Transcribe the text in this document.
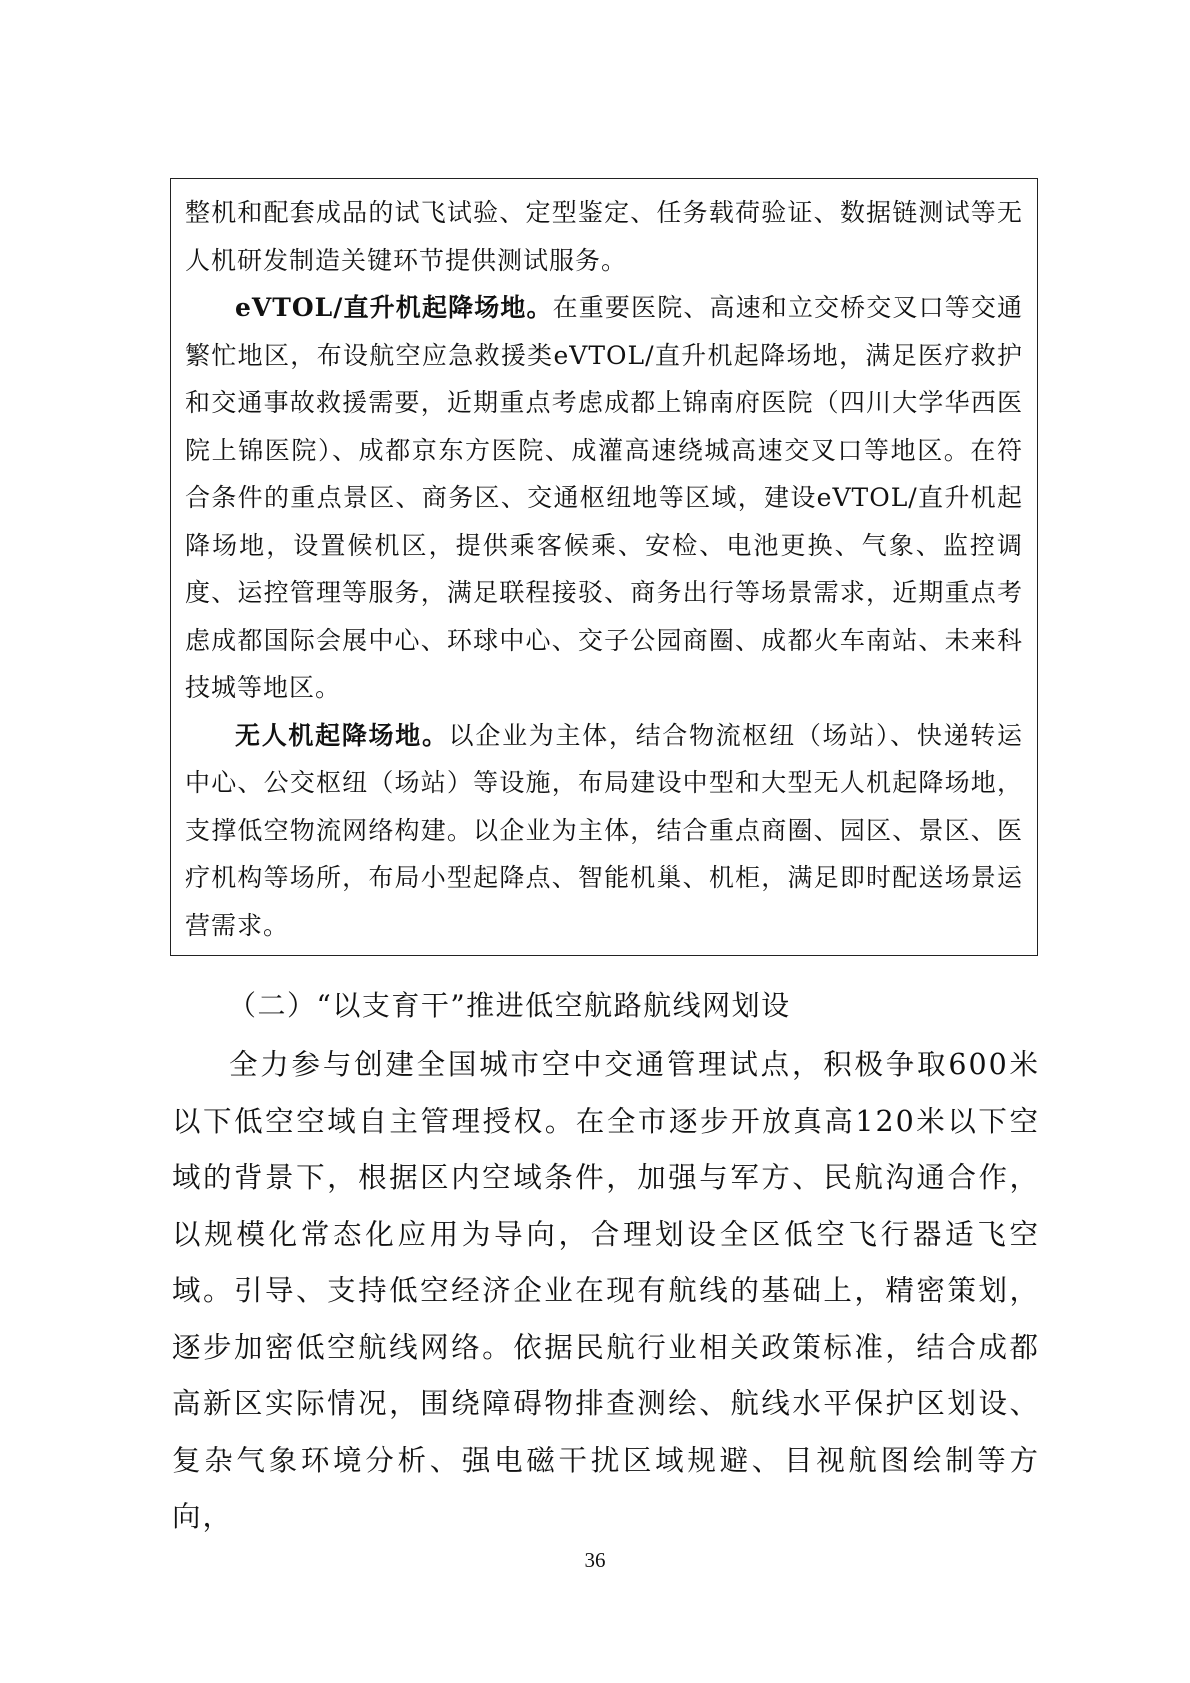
整机和配套成品的试飞试验、定型鉴定、任务载荷验证、数据链测试等无人机研发制造关键环节提供测试服务。

eVTOL/直升机起降场地。在重要医院、高速和立交桥交叉口等交通繁忙地区，布设航空应急救援类eVTOL/直升机起降场地，满足医疗救护和交通事故救援需要，近期重点考虑成都上锦南府医院（四川大学华西医院上锦医院）、成都京东方医院、成灌高速绕城高速交叉口等地区。在符合条件的重点景区、商务区、交通枢纽地等区域，建设eVTOL/直升机起降场地，设置候机区，提供乘客候乘、安检、电池更换、气象、监控调度、运控管理等服务，满足联程接驳、商务出行等场景需求，近期重点考虑成都国际会展中心、环球中心、交子公园商圈、成都火车南站、未来科技城等地区。

无人机起降场地。以企业为主体，结合物流枢纽（场站）、快递转运中心、公交枢纽（场站）等设施，布局建设中型和大型无人机起降场地，支撑低空物流网络构建。以企业为主体，结合重点商圈、园区、景区、医疗机构等场所，布局小型起降点、智能机巢、机柜，满足即时配送场景运营需求。

（二）“以支育干”推进低空航路航线网划设

全力参与创建全国城市空中交通管理试点，积极争取600米以下低空空域自主管理授权。在全市逐步开放真高120米以下空域的背景下，根据区内空域条件，加强与军方、民航沟通合作，以规模化常态化应用为导向，合理划设全区低空飞行器适飞空域。引导、支持低空经济企业在现有航线的基础上，精密策划，逐步加密低空航线网络。依据民航行业相关政策标准，结合成都高新区实际情况，围绕障碍物排查测绘、航线水平保护区划设、复杂气象环境分析、强电磁干扰区域规避、目视航图绘制等方向，

36
